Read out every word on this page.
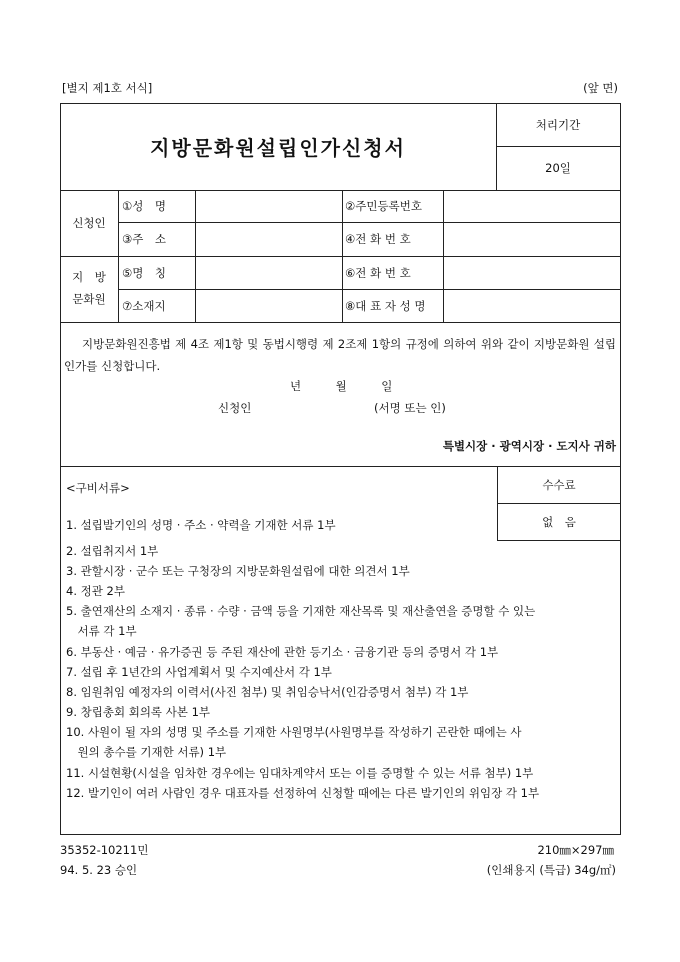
[별지 제1호 서식]	(앞 면)
지방문화원설립인가신청서
처리기간
20일
신청인
①성　명	②주민등록번호
③주　소	④전 화 번 호
지　방
문화원
⑤명　칭	⑥전 화 번 호
⑦소재지	⑧대 표 자 성 명
지방문화원진흥법 제 4조 제1항 및 동법시행령 제 2조제 1항의 규정에 의하여 위와 같이 지방문화원 설립인가를 신청합니다.
년　　　월　　　일
신청인	(서명 또는 인)
특별시장 · 광역시장 · 도지사 귀하
<구비서류>	수수료
없　음
1. 설립발기인의 성명 · 주소 · 약력을 기재한 서류 1부
2. 설립취지서 1부
3. 관할시장 · 군수 또는 구청장의 지방문화원설립에 대한 의견서 1부
4. 정관 2부
5. 출연재산의 소재지 · 종류 · 수량 · 금액 등을 기재한 재산목록 및 재산출연을 증명할 수 있는
　서류 각 1부
6. 부동산 · 예금 · 유가증권 등 주된 재산에 관한 등기소 · 금융기관 등의 증명서 각 1부
7. 설립 후 1년간의 사업계획서 및 수지예산서 각 1부
8. 임원취임 예정자의 이력서(사진 첨부) 및 취임승낙서(인감증명서 첨부) 각 1부
9. 창립총회 회의록 사본 1부
10. 사원이 될 자의 성명 및 주소를 기재한 사원명부(사원명부를 작성하기 곤란한 때에는 사
　원의 총수를 기재한 서류) 1부
11. 시설현황(시설을 임차한 경우에는 임대차계약서 또는 이를 증명할 수 있는 서류 첨부) 1부
12. 발기인이 여러 사람인 경우 대표자를 선정하여 신청할 때에는 다른 발기인의 위임장 각 1부
35352-10211민
94. 5. 23 승인
210㎜×297㎜
(인쇄용지 (특급) 34g/㎡)
